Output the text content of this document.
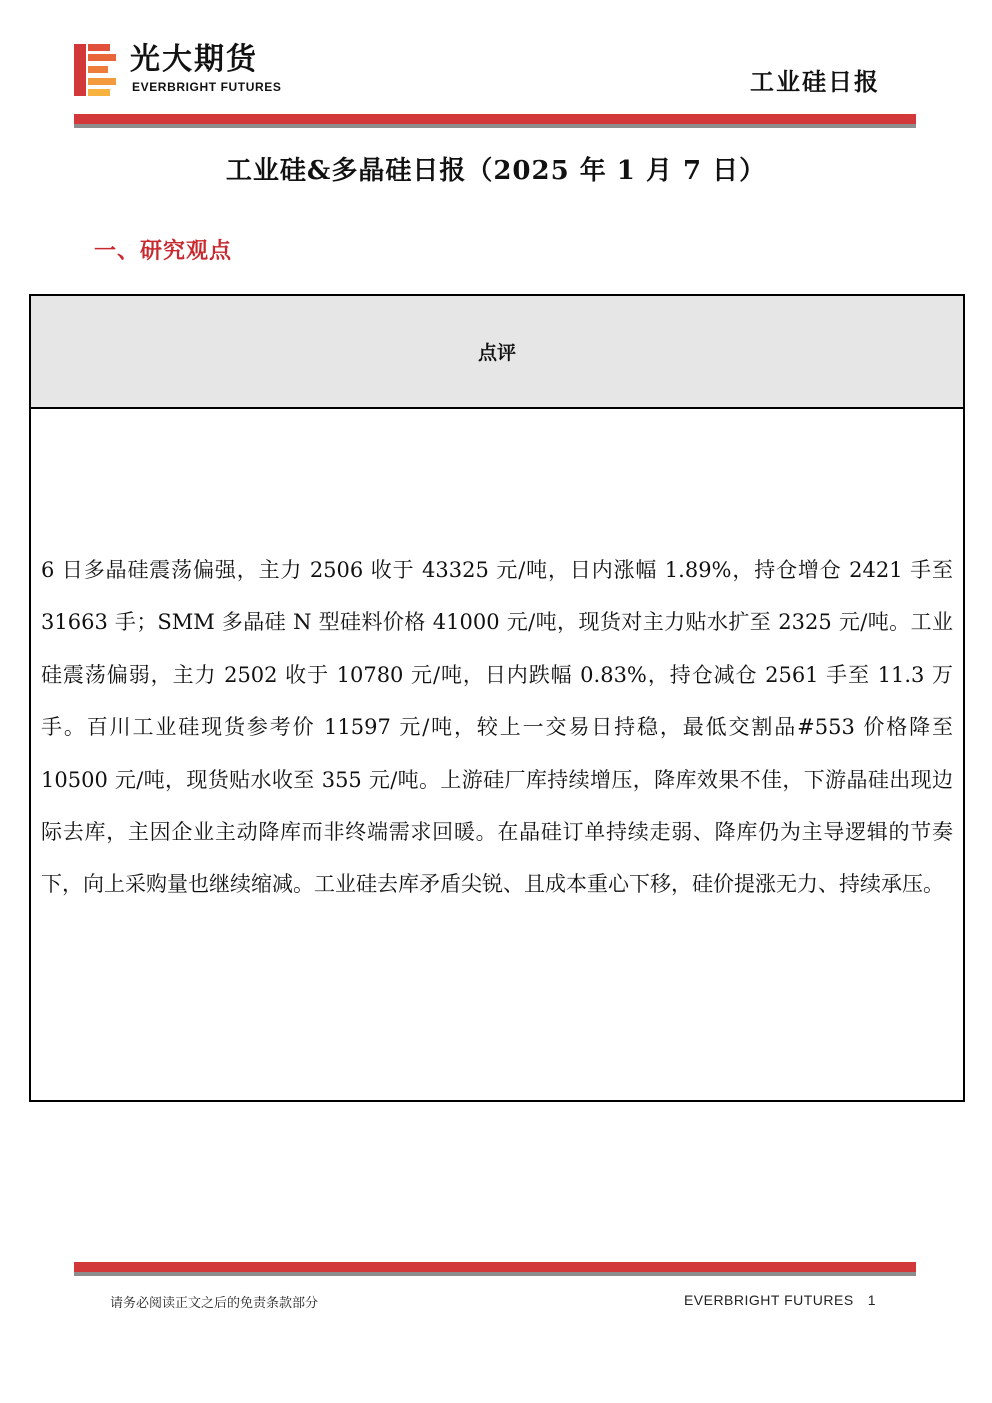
光大期货
EVERBRIGHT FUTURES	工业硅日报
工业硅&多晶硅日报（2025 年 1 月 7 日）
一、研究观点
点评
6 日多晶硅震荡偏强，主力 2506 收于 43325 元/吨，日内涨幅 1.89%，持仓增仓 2421 手至 31663 手；SMM 多晶硅 N 型硅料价格 41000 元/吨，现货对主力贴水扩至 2325 元/吨。工业硅震荡偏弱，主力 2502 收于 10780 元/吨，日内跌幅 0.83%，持仓减仓 2561 手至 11.3 万手。百川工业硅现货参考价 11597 元/吨，较上一交易日持稳，最低交割品#553 价格降至 10500 元/吨，现货贴水收至 355 元/吨。上游硅厂库持续增压，降库效果不佳，下游晶硅出现边际去库，主因企业主动降库而非终端需求回暖。在晶硅订单持续走弱、降库仍为主导逻辑的节奏下，向上采购量也继续缩减。工业硅去库矛盾尖锐、且成本重心下移，硅价提涨无力、持续承压。
请务必阅读正文之后的免责条款部分	EVERBRIGHT FUTURES 1
